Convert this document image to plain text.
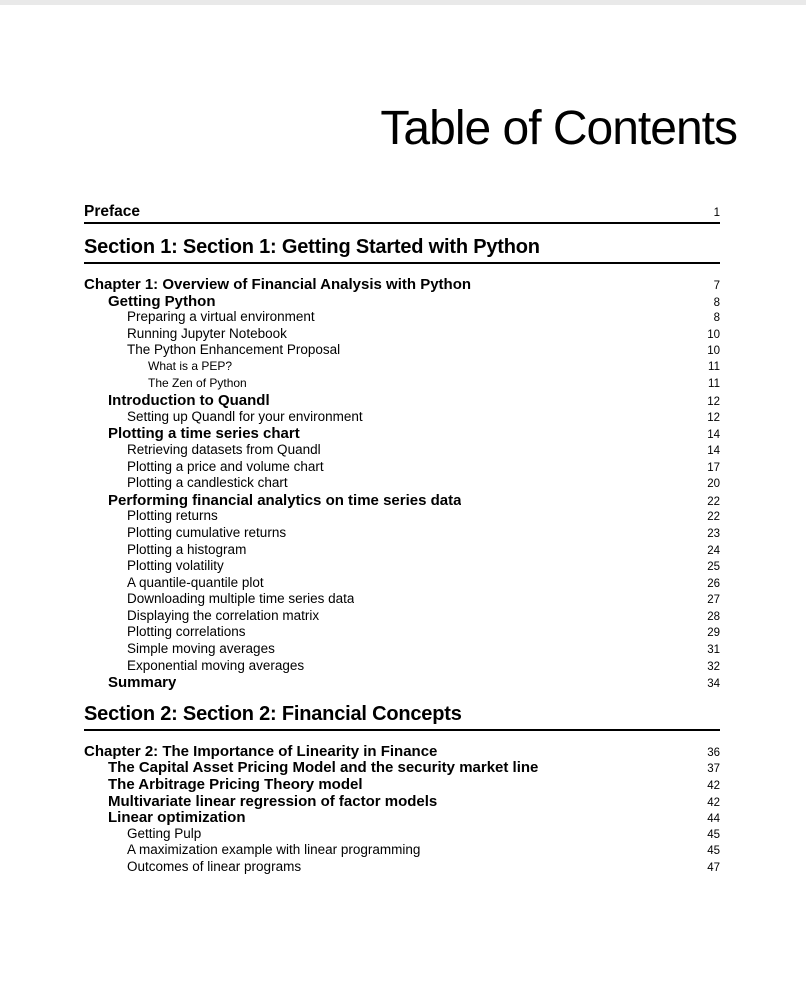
Table of Contents
Preface	1
Section 1: Section 1: Getting Started with Python
Chapter 1: Overview of Financial Analysis with Python	7
Getting Python	8
Preparing a virtual environment	8
Running Jupyter Notebook	10
The Python Enhancement Proposal	10
What is a PEP?	11
The Zen of Python	11
Introduction to Quandl	12
Setting up Quandl for your environment	12
Plotting a time series chart	14
Retrieving datasets from Quandl	14
Plotting a price and volume chart	17
Plotting a candlestick chart	20
Performing financial analytics on time series data	22
Plotting returns	22
Plotting cumulative returns	23
Plotting a histogram	24
Plotting volatility	25
A quantile-quantile plot	26
Downloading multiple time series data	27
Displaying the correlation matrix	28
Plotting correlations	29
Simple moving averages	31
Exponential moving averages	32
Summary	34
Section 2: Section 2: Financial Concepts
Chapter 2: The Importance of Linearity in Finance	36
The Capital Asset Pricing Model and the security market line	37
The Arbitrage Pricing Theory model	42
Multivariate linear regression of factor models	42
Linear optimization	44
Getting Pulp	45
A maximization example with linear programming	45
Outcomes of linear programs	47
